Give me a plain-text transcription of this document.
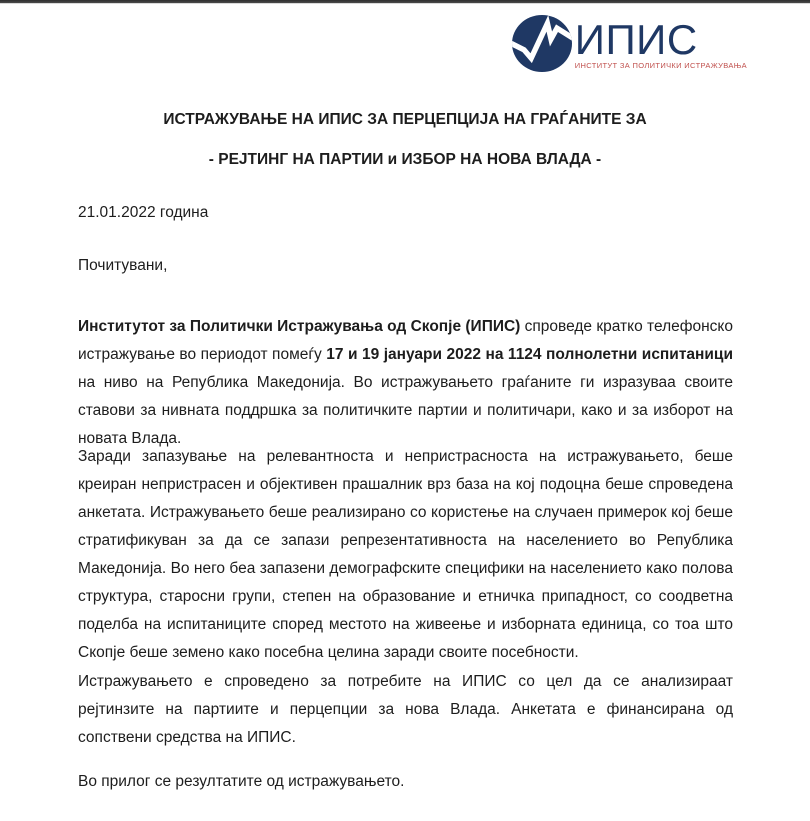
ИПИС
ИНСТИТУТ ЗА ПОЛИТИЧКИ ИСТРАЖУВАЊА
ИСТРАЖУВАЊЕ НА ИПИС ЗА ПЕРЦЕПЦИЈА НА ГРАЃАНИТЕ ЗА
- РЕЈТИНГ НА ПАРТИИ и ИЗБОР НА НОВА ВЛАДА -
21.01.2022 година
Почитувани,

Институтот за Политички Истражувања од Скопје (ИПИС) спроведе кратко телефонско истражување во периодот помеѓу 17 и 19 јануари 2022 на 1124 полнолетни испитаници на ниво на Република Македонија. Во истражувањето граѓаните ги изразуваа своите ставови за нивната поддршка за политичките партии и политичари, како и за изборот на новата Влада.

Заради запазување на релевантноста и непристрасноста на истражувањето, беше креиран непристрасен и објективен прашалник врз база на кој подоцна беше спроведена анкетата. Истражувањето беше реализирано со користење на случаен примерок кој беше стратификуван за да се запази репрезентативноста на населението во Република Македонија. Во него беа запазени демографските специфики на населението како полова структура, старосни групи, степен на образование и етничка припадност, со соодветна поделба на испитаниците според местото на живеење и изборната единица, со тоа што Скопје беше земено како посебна целина заради своите посебности.

Истражувањето е спроведено за потребите на ИПИС со цел да се анализираат рејтинзите на партиите и перцепции за нова Влада. Анкетата е финансирана од сопствени средства на ИПИС.

Во прилог се резултатите од истражувањето.
